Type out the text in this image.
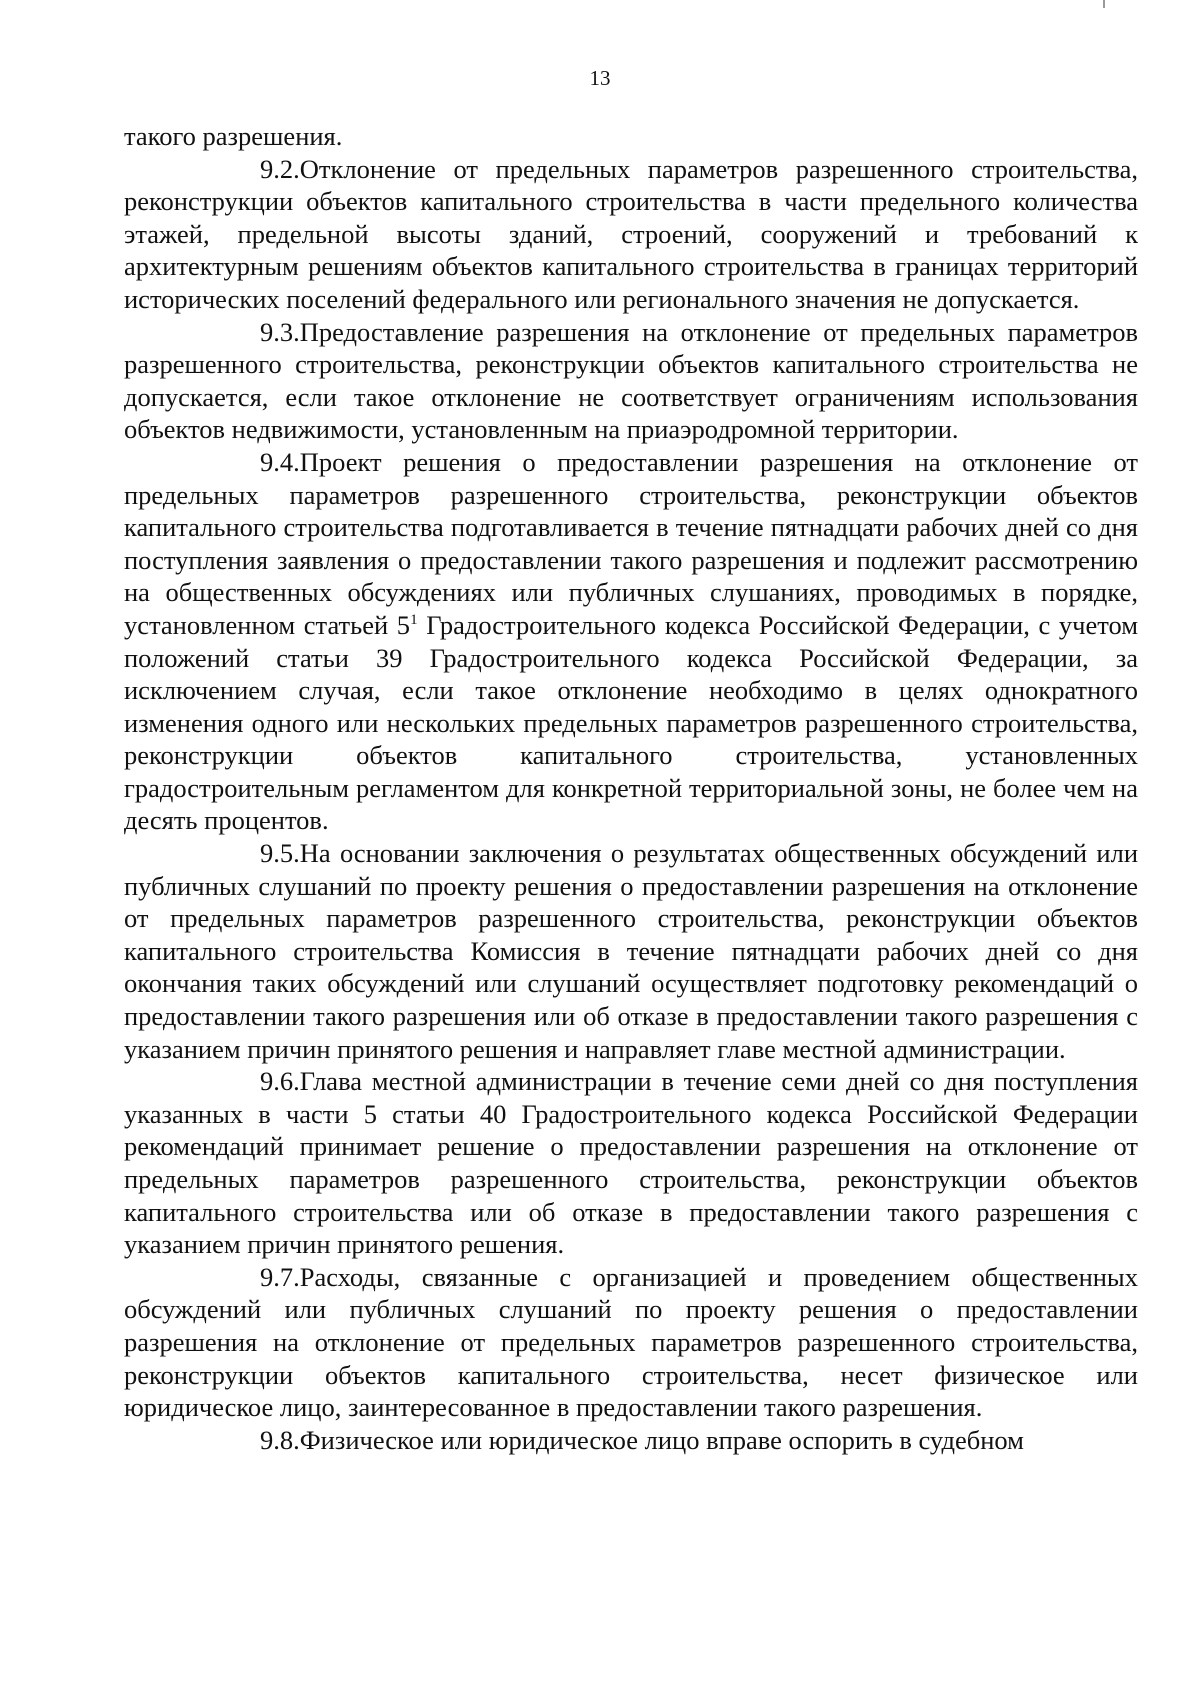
13

такого разрешения.

9.2.Отклонение от предельных параметров разрешенного строительства, реконструкции объектов капитального строительства в части предельного количества этажей, предельной высоты зданий, строений, сооружений и требований к архитектурным решениям объектов капитального строительства в границах территорий исторических поселений федерального или регионального значения не допускается.

9.3.Предоставление разрешения на отклонение от предельных параметров разрешенного строительства, реконструкции объектов капитального строительства не допускается, если такое отклонение не соответствует ограничениям использования объектов недвижимости, установленным на приаэродромной территории.

9.4.Проект решения о предоставлении разрешения на отклонение от предельных параметров разрешенного строительства, реконструкции объектов капитального строительства подготавливается в течение пятнадцати рабочих дней со дня поступления заявления о предоставлении такого разрешения и подлежит рассмотрению на общественных обсуждениях или публичных слушаниях, проводимых в порядке, установленном статьей $5^1$ Градостроительного кодекса Российской Федерации, с учетом положений статьи 39 Градостроительного кодекса Российской Федерации, за исключением случая, если такое отклонение необходимо в целях однократного изменения одного или нескольких предельных параметров разрешенного строительства, реконструкции объектов капитального строительства, установленных градостроительным регламентом для конкретной территориальной зоны, не более чем на десять процентов.

9.5.На основании заключения о результатах общественных обсуждений или публичных слушаний по проекту решения о предоставлении разрешения на отклонение от предельных параметров разрешенного строительства, реконструкции объектов капитального строительства Комиссия в течение пятнадцати рабочих дней со дня окончания таких обсуждений или слушаний осуществляет подготовку рекомендаций о предоставлении такого разрешения или об отказе в предоставлении такого разрешения с указанием причин принятого решения и направляет главе местной администрации.

9.6.Глава местной администрации в течение семи дней со дня поступления указанных в части 5 статьи 40 Градостроительного кодекса Российской Федерации рекомендаций принимает решение о предоставлении разрешения на отклонение от предельных параметров разрешенного строительства, реконструкции объектов капитального строительства или об отказе в предоставлении такого разрешения с указанием причин принятого решения.

9.7.Расходы, связанные с организацией и проведением общественных обсуждений или публичных слушаний по проекту решения о предоставлении разрешения на отклонение от предельных параметров разрешенного строительства, реконструкции объектов капитального строительства, несет физическое или юридическое лицо, заинтересованное в предоставлении такого разрешения.

9.8.Физическое или юридическое лицо вправе оспорить в судебном
